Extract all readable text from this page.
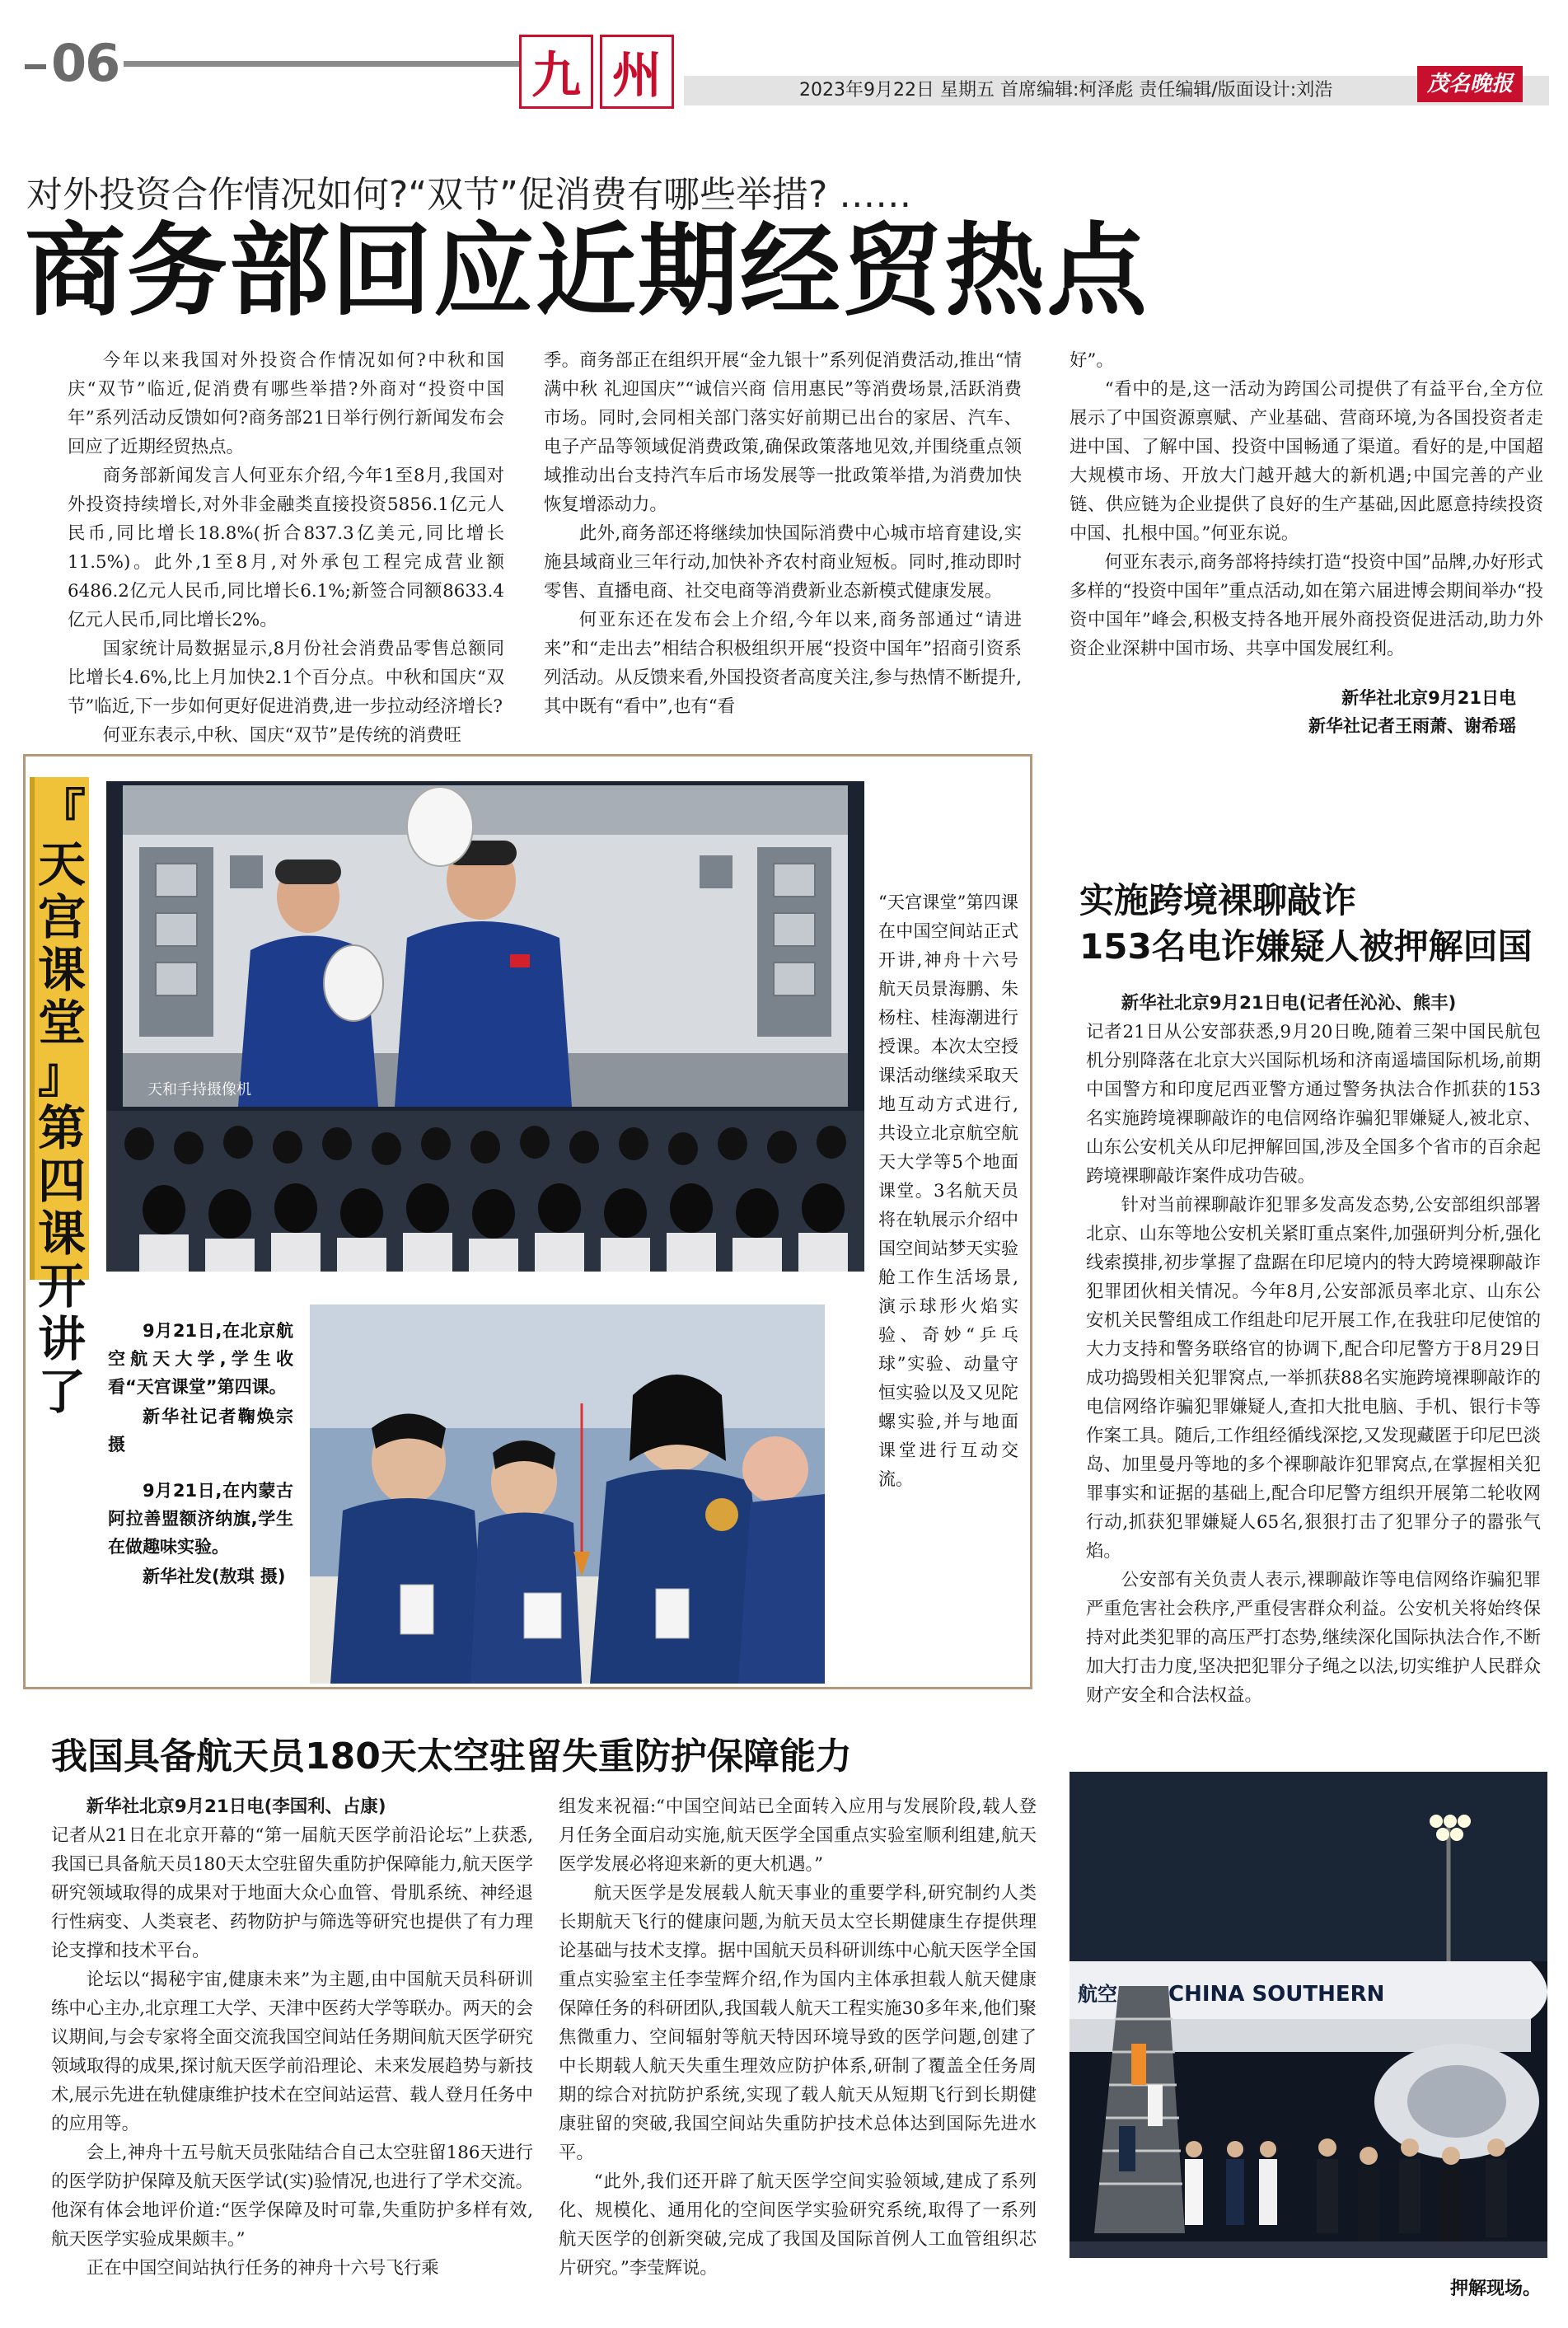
06	九 州	2023年9月22日 星期五 首席编辑:柯泽彪 责任编辑/版面设计:刘浩	茂名晚报
对外投资合作情况如何?“双节”促消费有哪些举措? ……
商务部回应近期经贸热点

今年以来我国对外投资合作情况如何?中秋和国庆“双节”临近,促消费有哪些举措?外商对“投资中国年”系列活动反馈如何?商务部21日举行例行新闻发布会回应了近期经贸热点。

商务部新闻发言人何亚东介绍,今年1至8月,我国对外投资持续增长,对外非金融类直接投资5856.1亿元人民币,同比增长18.8%(折合837.3亿美元,同比增长11.5%)。此外,1至8月,对外承包工程完成营业额6486.2亿元人民币,同比增长6.1%;新签合同额8633.4亿元人民币,同比增长2%。

国家统计局数据显示,8月份社会消费品零售总额同比增长4.6%,比上月加快2.1个百分点。中秋和国庆“双节”临近,下一步如何更好促进消费,进一步拉动经济增长?

何亚东表示,中秋、国庆“双节”是传统的消费旺

季。商务部正在组织开展“金九银十”系列促消费活动,推出“情满中秋 礼迎国庆”“诚信兴商 信用惠民”等消费场景,活跃消费市场。同时,会同相关部门落实好前期已出台的家居、汽车、电子产品等领域促消费政策,确保政策落地见效,并围绕重点领域推动出台支持汽车后市场发展等一批政策举措,为消费加快恢复增添动力。

此外,商务部还将继续加快国际消费中心城市培育建设,实施县域商业三年行动,加快补齐农村商业短板。同时,推动即时零售、直播电商、社交电商等消费新业态新模式健康发展。

何亚东还在发布会上介绍,今年以来,商务部通过“请进来”和“走出去”相结合积极组织开展“投资中国年”招商引资系列活动。从反馈来看,外国投资者高度关注,参与热情不断提升,其中既有“看中”,也有“看

好”。

“看中的是,这一活动为跨国公司提供了有益平台,全方位展示了中国资源禀赋、产业基础、营商环境,为各国投资者走进中国、了解中国、投资中国畅通了渠道。看好的是,中国超大规模市场、开放大门越开越大的新机遇;中国完善的产业链、供应链为企业提供了良好的生产基础,因此愿意持续投资中国、扎根中国。”何亚东说。

何亚东表示,商务部将持续打造“投资中国”品牌,办好形式多样的“投资中国年”重点活动,如在第六届进博会期间举办“投资中国年”峰会,积极支持各地开展外商投资促进活动,助力外资企业深耕中国市场、共享中国发展红利。

新华社北京9月21日电
新华社记者王雨萧、谢希瑶
『
天
宫
课
堂
』
第
四
课
开
讲
了
天和手持摄像机
“天宫课堂”第四课在中国空间站正式开讲,神舟十六号航天员景海鹏、朱杨柱、桂海潮进行授课。本次太空授课活动继续采取天地互动方式进行,共设立北京航空航天大学等5个地面课堂。3名航天员将在轨展示介绍中国空间站梦天实验舱工作生活场景,演示球形火焰实验、奇妙“乒乓球”实验、动量守恒实验以及又见陀螺实验,并与地面课堂进行互动交流。

9月21日,在北京航空航天大学,学生收看“天宫课堂”第四课。

新华社记者鞠焕宗 摄

9月21日,在内蒙古阿拉善盟额济纳旗,学生在做趣味实验。

新华社发(敖琪 摄)

实施跨境裸聊敲诈
153名电诈嫌疑人被押解回国

新华社北京9月21日电(记者任沁沁、熊丰)

记者21日从公安部获悉,9月20日晚,随着三架中国民航包机分别降落在北京大兴国际机场和济南遥墙国际机场,前期中国警方和印度尼西亚警方通过警务执法合作抓获的153名实施跨境裸聊敲诈的电信网络诈骗犯罪嫌疑人,被北京、山东公安机关从印尼押解回国,涉及全国多个省市的百余起跨境裸聊敲诈案件成功告破。

针对当前裸聊敲诈犯罪多发高发态势,公安部组织部署北京、山东等地公安机关紧盯重点案件,加强研判分析,强化线索摸排,初步掌握了盘踞在印尼境内的特大跨境裸聊敲诈犯罪团伙相关情况。今年8月,公安部派员率北京、山东公安机关民警组成工作组赴印尼开展工作,在我驻印尼使馆的大力支持和警务联络官的协调下,配合印尼警方于8月29日成功捣毁相关犯罪窝点,一举抓获88名实施跨境裸聊敲诈的电信网络诈骗犯罪嫌疑人,查扣大批电脑、手机、银行卡等作案工具。随后,工作组经循线深挖,又发现藏匿于印尼巴淡岛、加里曼丹等地的多个裸聊敲诈犯罪窝点,在掌握相关犯罪事实和证据的基础上,配合印尼警方组织开展第二轮收网行动,抓获犯罪嫌疑人65名,狠狠打击了犯罪分子的嚣张气焰。

公安部有关负责人表示,裸聊敲诈等电信网络诈骗犯罪严重危害社会秩序,严重侵害群众利益。公安机关将始终保持对此类犯罪的高压严打态势,继续深化国际执法合作,不断加大打击力度,坚决把犯罪分子绳之以法,切实维护人民群众财产安全和合法权益。

CHINA SOUTHERN
航空
押解现场。
我国具备航天员180天太空驻留失重防护保障能力

新华社北京9月21日电(李国利、占康)

记者从21日在北京开幕的“第一届航天医学前沿论坛”上获悉,我国已具备航天员180天太空驻留失重防护保障能力,航天医学研究领域取得的成果对于地面大众心血管、骨肌系统、神经退行性病变、人类衰老、药物防护与筛选等研究也提供了有力理论支撑和技术平台。

论坛以“揭秘宇宙,健康未来”为主题,由中国航天员科研训练中心主办,北京理工大学、天津中医药大学等联办。两天的会议期间,与会专家将全面交流我国空间站任务期间航天医学研究领域取得的成果,探讨航天医学前沿理论、未来发展趋势与新技术,展示先进在轨健康维护技术在空间站运营、载人登月任务中的应用等。

会上,神舟十五号航天员张陆结合自己太空驻留186天进行的医学防护保障及航天医学试(实)验情况,也进行了学术交流。他深有体会地评价道:“医学保障及时可靠,失重防护多样有效,航天医学实验成果颇丰。”

正在中国空间站执行任务的神舟十六号飞行乘

组发来祝福:“中国空间站已全面转入应用与发展阶段,载人登月任务全面启动实施,航天医学全国重点实验室顺利组建,航天医学发展必将迎来新的更大机遇。”

航天医学是发展载人航天事业的重要学科,研究制约人类长期航天飞行的健康问题,为航天员太空长期健康生存提供理论基础与技术支撑。据中国航天员科研训练中心航天医学全国重点实验室主任李莹辉介绍,作为国内主体承担载人航天健康保障任务的科研团队,我国载人航天工程实施30多年来,他们聚焦微重力、空间辐射等航天特因环境导致的医学问题,创建了中长期载人航天失重生理效应防护体系,研制了覆盖全任务周期的综合对抗防护系统,实现了载人航天从短期飞行到长期健康驻留的突破,我国空间站失重防护技术总体达到国际先进水平。

“此外,我们还开辟了航天医学空间实验领域,建成了系列化、规模化、通用化的空间医学实验研究系统,取得了一系列航天医学的创新突破,完成了我国及国际首例人工血管组织芯片研究。”李莹辉说。
